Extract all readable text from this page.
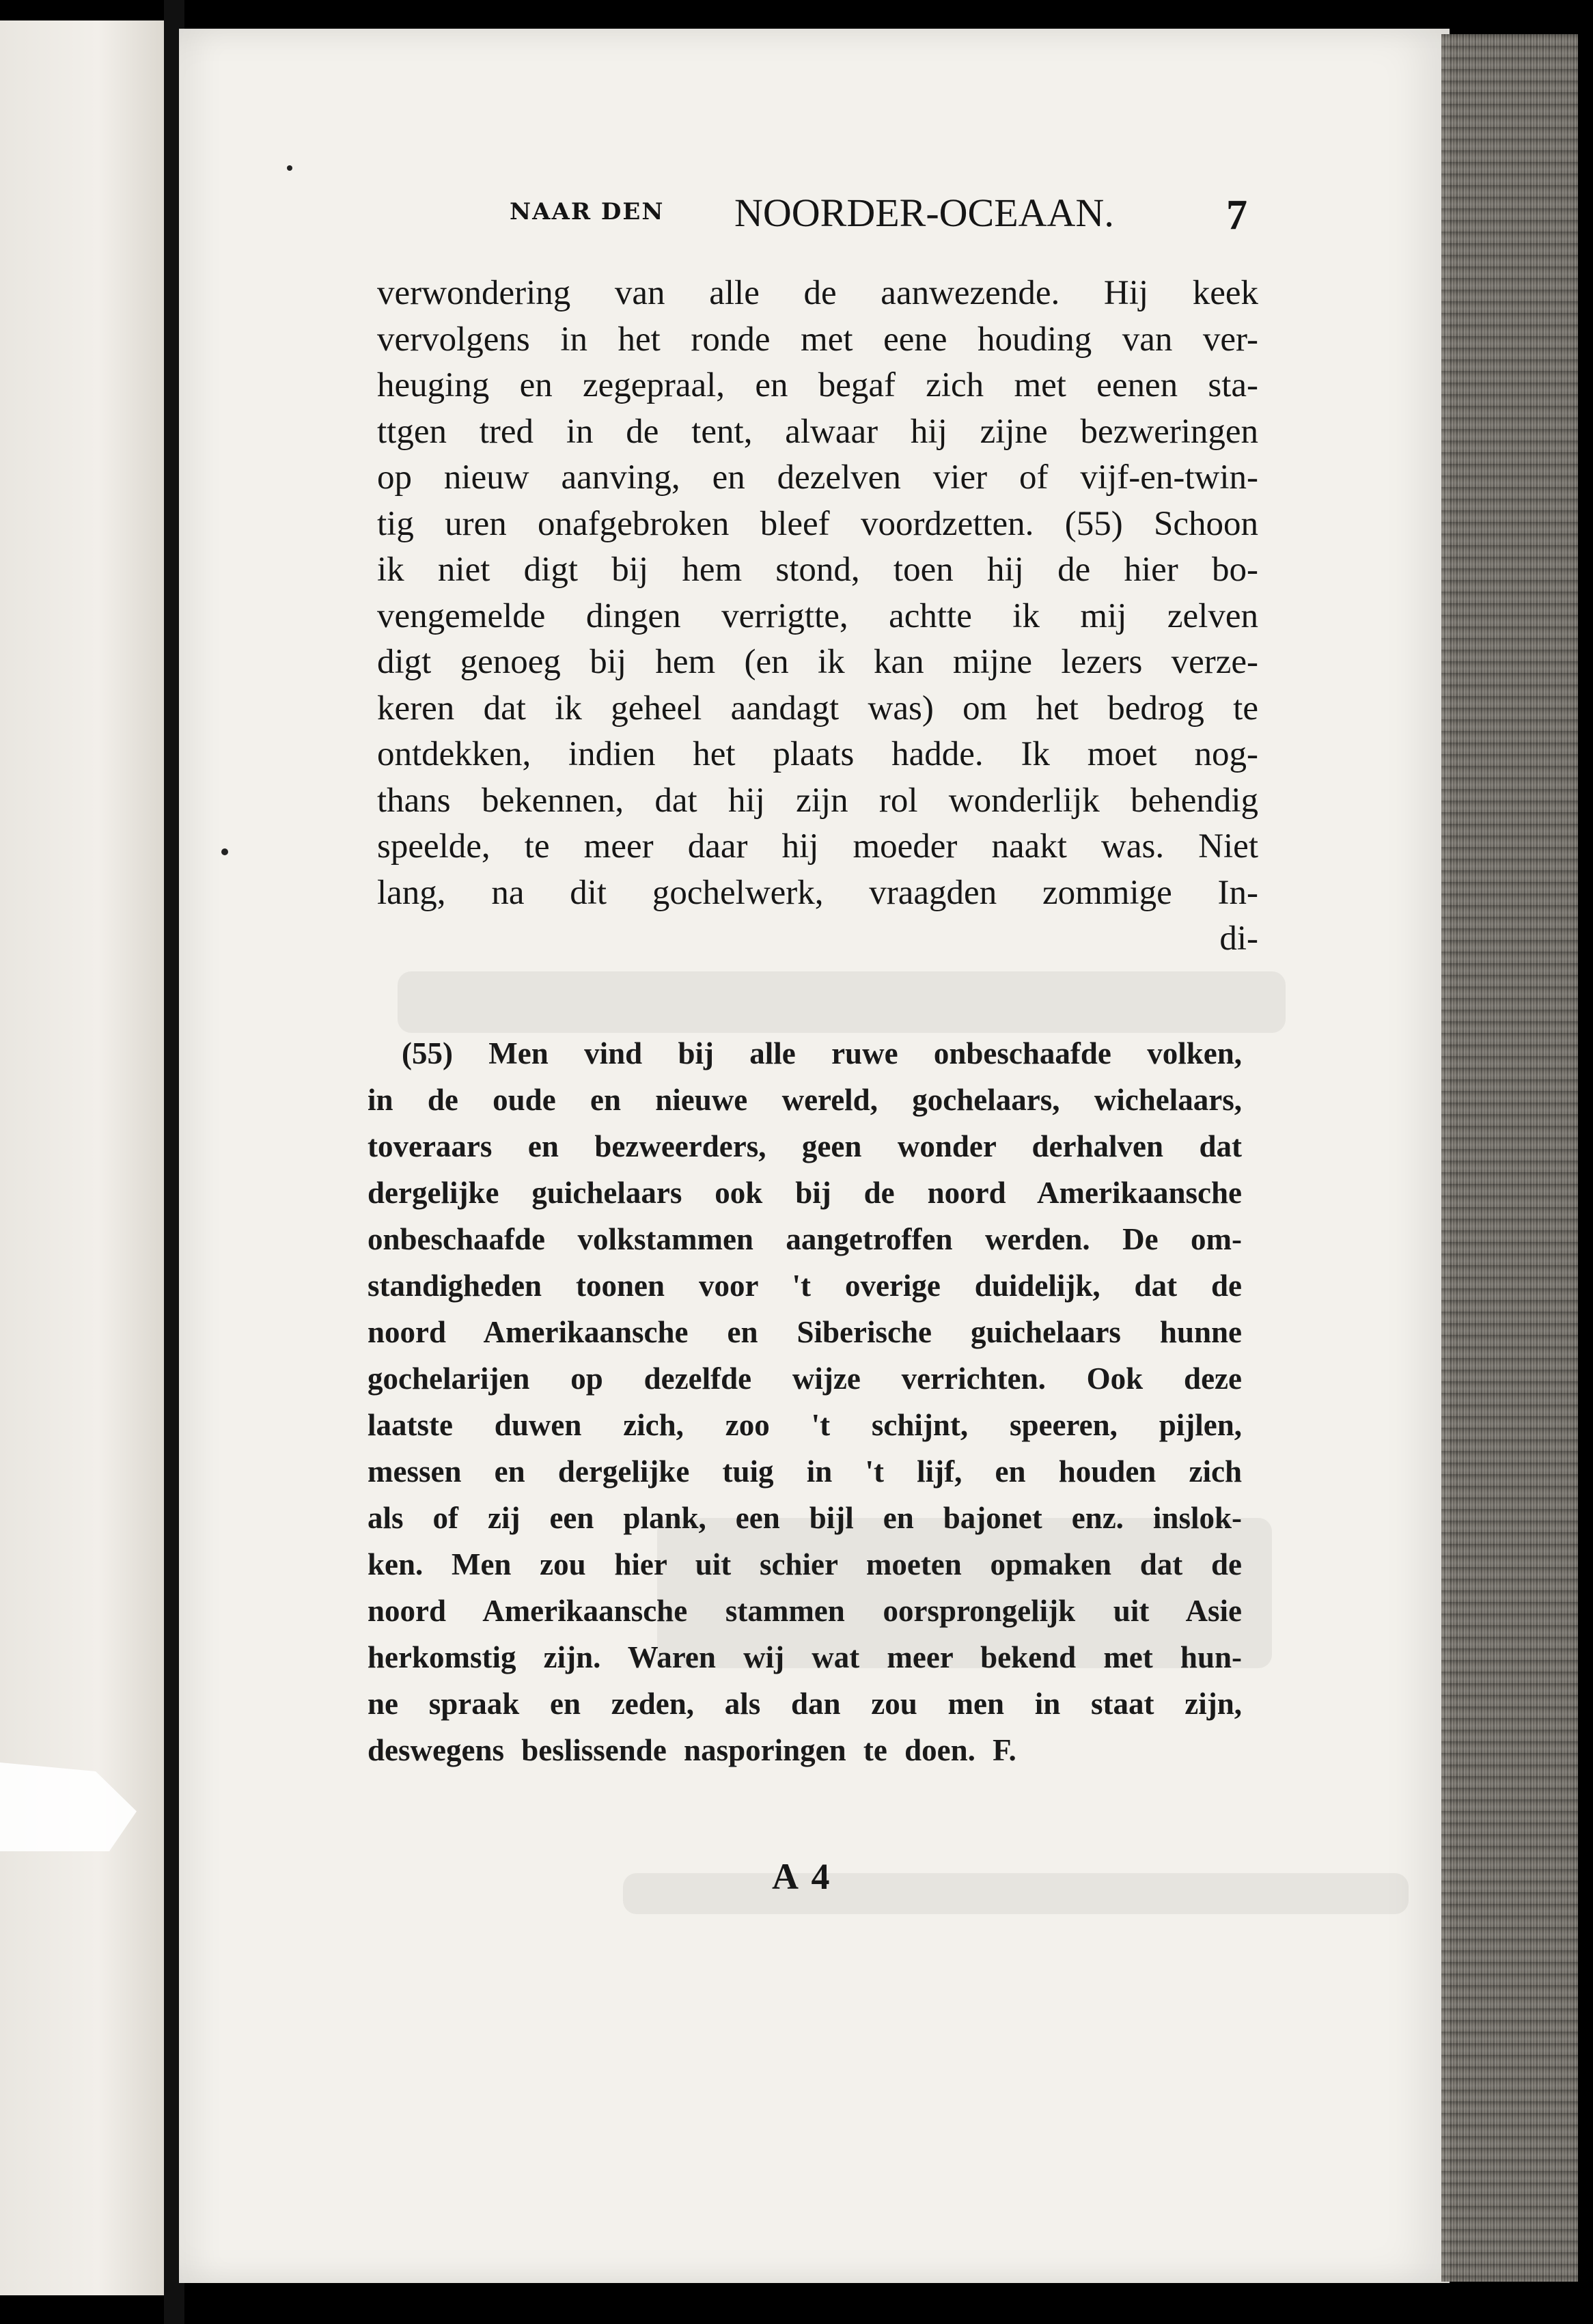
NAAR DEN NOORDER-OCEAAN.	7
verwondering van alle de aanwezende. Hij keek
vervolgens in het ronde met eene houding van ver-
heuging en zegepraal, en begaf zich met eenen sta-
ttgen tred in de tent, alwaar hij zijne bezweringen
op nieuw aanving, en dezelven vier of vijf-en-twin-
tig uren onafgebroken bleef voordzetten. (55) Schoon
ik niet digt bij hem stond, toen hij de hier bo-
vengemelde dingen verrigtte, achtte ik mij zelven
digt genoeg bij hem (en ik kan mijne lezers verze-
keren dat ik geheel aandagt was) om het bedrog te
ontdekken, indien het plaats hadde. Ik moet nog-
thans bekennen, dat hij zijn rol wonderlijk behendig
speelde, te meer daar hij moeder naakt was. Niet
lang, na dit gochelwerk, vraagden zommige In-
di-
(55) Men vind bij alle ruwe onbeschaafde volken,
in de oude en nieuwe wereld, gochelaars, wichelaars,
toveraars en bezweerders, geen wonder derhalven dat
dergelijke guichelaars ook bij de noord Amerikaansche
onbeschaafde volkstammen aangetroffen werden. De om-
standigheden toonen voor 't overige duidelijk, dat de
noord Amerikaansche en Siberische guichelaars hunne
gochelarijen op dezelfde wijze verrichten. Ook deze
laatste duwen zich, zoo 't schijnt, speeren, pijlen,
messen en dergelijke tuig in 't lijf, en houden zich
als of zij een plank, een bijl en bajonet enz. inslok-
ken. Men zou hier uit schier moeten opmaken dat de
noord Amerikaansche stammen oorsprongelijk uit Asie
herkomstig zijn. Waren wij wat meer bekend met hun-
ne spraak en zeden, als dan zou men in staat zijn,
deswegens beslissende nasporingen te doen. F.
A 4
